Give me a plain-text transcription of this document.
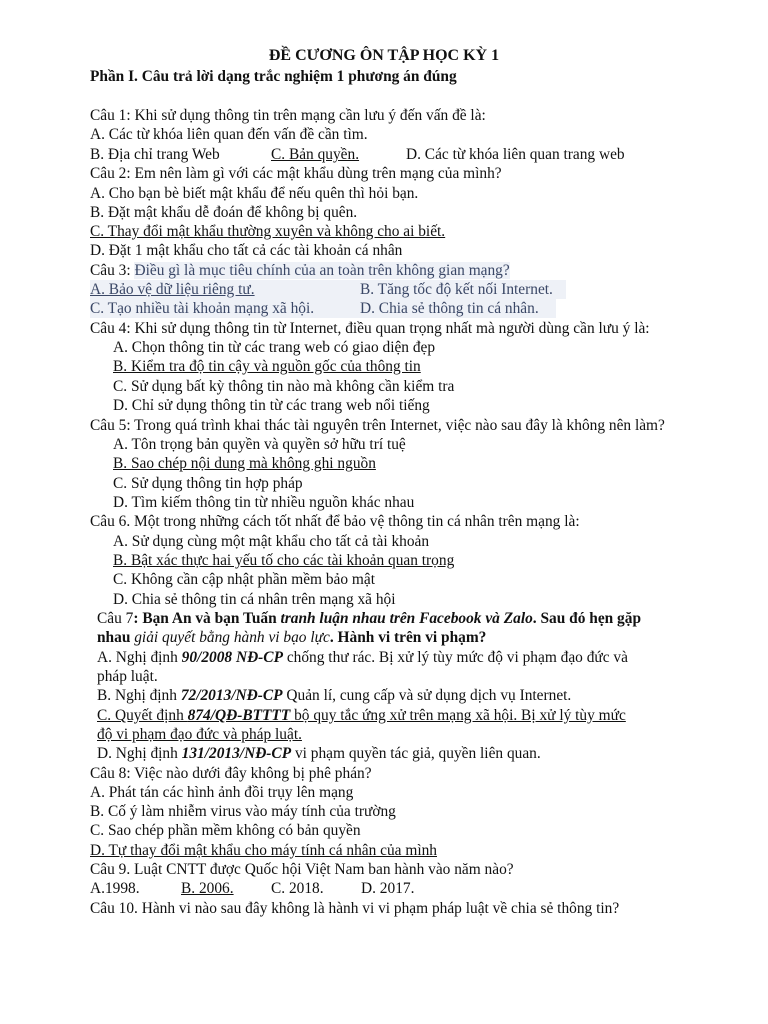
ĐỀ CƯƠNG ÔN TẬP HỌC KỲ 1
Phần I. Câu trả lời dạng trắc nghiệm 1 phương án đúng
Câu 1: Khi sử dụng thông tin trên mạng cần lưu ý đến vấn đề là:
A. Các từ khóa liên quan đến vấn đề cần tìm.
B. Địa chỉ trang Web	C. Bản quyền.	D. Các từ khóa liên quan trang web
Câu 2: Em nên làm gì với các mật khẩu dùng trên mạng của mình?
A. Cho bạn bè biết mật khẩu để nếu quên thì hỏi bạn.
B. Đặt mật khẩu dễ đoán để không bị quên.
C. Thay đổi mật khẩu thường xuyên và không cho ai biết.
D. Đặt 1 mật khẩu cho tất cả các tài khoản cá nhân
Câu 3: Điều gì là mục tiêu chính của an toàn trên không gian mạng?
A. Bảo vệ dữ liệu riêng tư.	B. Tăng tốc độ kết nối Internet.
C. Tạo nhiều tài khoản mạng xã hội.	D. Chia sẻ thông tin cá nhân.
Câu 4: Khi sử dụng thông tin từ Internet, điều quan trọng nhất mà người dùng cần lưu ý là:
A. Chọn thông tin từ các trang web có giao diện đẹp
B. Kiểm tra độ tin cậy và nguồn gốc của thông tin
C. Sử dụng bất kỳ thông tin nào mà không cần kiểm tra
D. Chỉ sử dụng thông tin từ các trang web nổi tiếng
Câu 5: Trong quá trình khai thác tài nguyên trên Internet, việc nào sau đây là không nên làm?
A. Tôn trọng bản quyền và quyền sở hữu trí tuệ
B. Sao chép nội dung mà không ghi nguồn
C. Sử dụng thông tin hợp pháp
D. Tìm kiếm thông tin từ nhiều nguồn khác nhau
Câu 6. Một trong những cách tốt nhất để bảo vệ thông tin cá nhân trên mạng là:
A. Sử dụng cùng một mật khẩu cho tất cả tài khoản
B. Bật xác thực hai yếu tố cho các tài khoản quan trọng
C. Không cần cập nhật phần mềm bảo mật
D. Chia sẻ thông tin cá nhân trên mạng xã hội
Câu 7: Bạn An và bạn Tuấn tranh luận nhau trên Facebook và Zalo. Sau đó hẹn gặp
nhau giải quyết bằng hành vi bạo lực. Hành vi trên vi phạm?
A. Nghị định 90/2008 NĐ-CP chống thư rác. Bị xử lý tùy mức độ vi phạm đạo đức và
pháp luật.
B. Nghị định 72/2013/NĐ-CP Quản lí, cung cấp và sử dụng dịch vụ Internet.
C. Quyết định 874/QĐ-BTTTT bộ quy tắc ứng xử trên mạng xã hội. Bị xử lý tùy mức
độ vi phạm đạo đức và pháp luật.
D. Nghị định 131/2013/NĐ-CP vi phạm quyền tác giả, quyền liên quan.
Câu 8: Việc nào dưới đây không bị phê phán?
A. Phát tán các hình ảnh đồi trụy lên mạng
B. Cố ý làm nhiễm virus vào máy tính của trường
C. Sao chép phần mềm không có bản quyền
D. Tự thay đổi mật khẩu cho máy tính cá nhân của mình
Câu 9. Luật CNTT được Quốc hội Việt Nam ban hành vào năm nào?
A.1998.	B. 2006. C. 2018. D. 2017.
Câu 10. Hành vi nào sau đây không là hành vi vi phạm pháp luật về chia sẻ thông tin?
